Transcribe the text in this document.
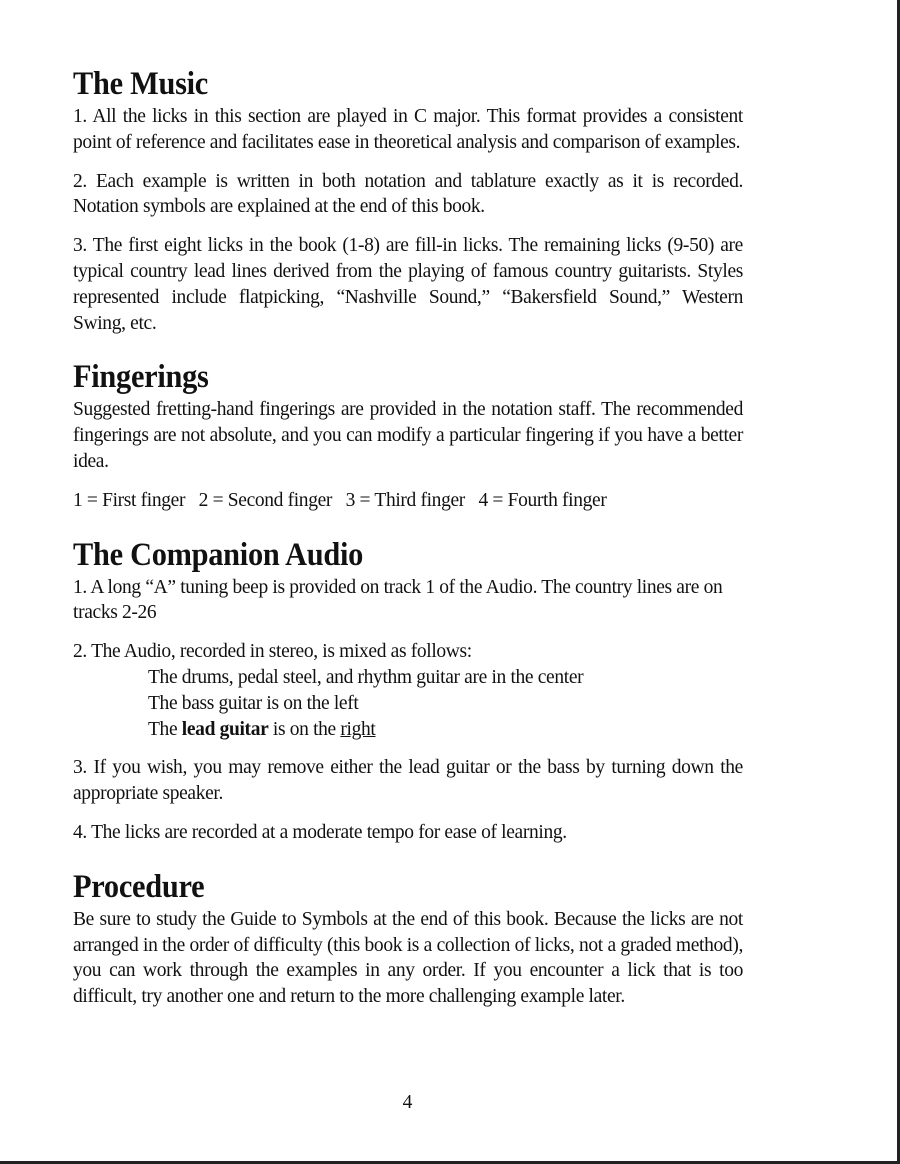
The Music

1. All the licks in this section are played in C major. This format provides a consistent point of reference and facilitates ease in theoretical analysis and comparison of examples.

2. Each example is written in both notation and tablature exactly as it is recorded. Notation symbols are explained at the end of this book.

3. The first eight licks in the book (1-8) are fill-in licks. The remaining licks (9-50) are typical country lead lines derived from the playing of famous country guitarists. Styles represented include flatpicking, “Nashville Sound,” “Bakersfield Sound,” Western Swing, etc.

Fingerings

Suggested fretting-hand fingerings are provided in the notation staff. The recommended fingerings are not absolute, and you can modify a particular fingering if you have a better idea.

1 = First finger   2 = Second finger   3 = Third finger   4 = Fourth finger

The Companion Audio

1. A long “A” tuning beep is provided on track 1 of the Audio. The country lines are on tracks 2-26

2. The Audio, recorded in stereo, is mixed as follows:

The drums, pedal steel, and rhythm guitar are in the center

The bass guitar is on the left

The lead guitar is on the right

3. If you wish, you may remove either the lead guitar or the bass by turning down the appropriate speaker.

4. The licks are recorded at a moderate tempo for ease of learning.

Procedure

Be sure to study the Guide to Symbols at the end of this book. Because the licks are not arranged in the order of difficulty (this book is a collection of licks, not a graded method), you can work through the examples in any order. If you encounter a lick that is too difficult, try another one and return to the more challenging example later.

4
